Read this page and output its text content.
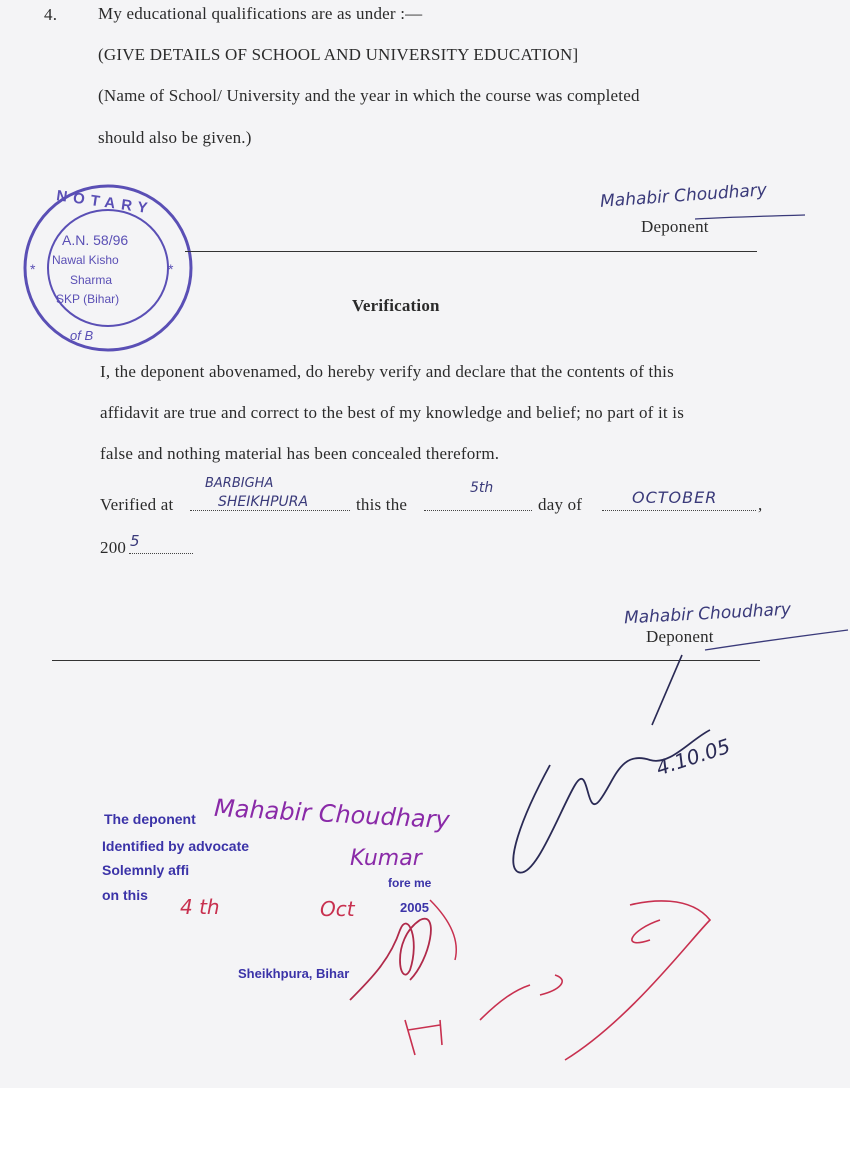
4. My educational qualifications are as under :—
(GIVE DETAILS OF SCHOOL AND UNIVERSITY EDUCATION]
(Name of School/ University and the year in which the course was completed
should also be given.)
*
*
NOTARY
A.N. 58/96
Nawal Kisho
Sharma
SKP (Bihar)
of B
Mahabir Choudhary
Deponent
Verification
I, the deponent abovenamed, do hereby verify and declare that the contents of this
affidavit are true and correct to the best of my knowledge and belief; no part of it is
false and nothing material has been concealed thereform.
Verified at
BARBIGHA
SHEIKHPURA	this the
5th
day of	OCTOBER ,
200 5
Mahabir Choudhary
Deponent
4.10.05
The deponent Mahabir Choudhary
Identified by advocate	Kumar
Solemnly affi
fore me
on this 4 th	Oct	2005
Sheikhpura, Bihar
